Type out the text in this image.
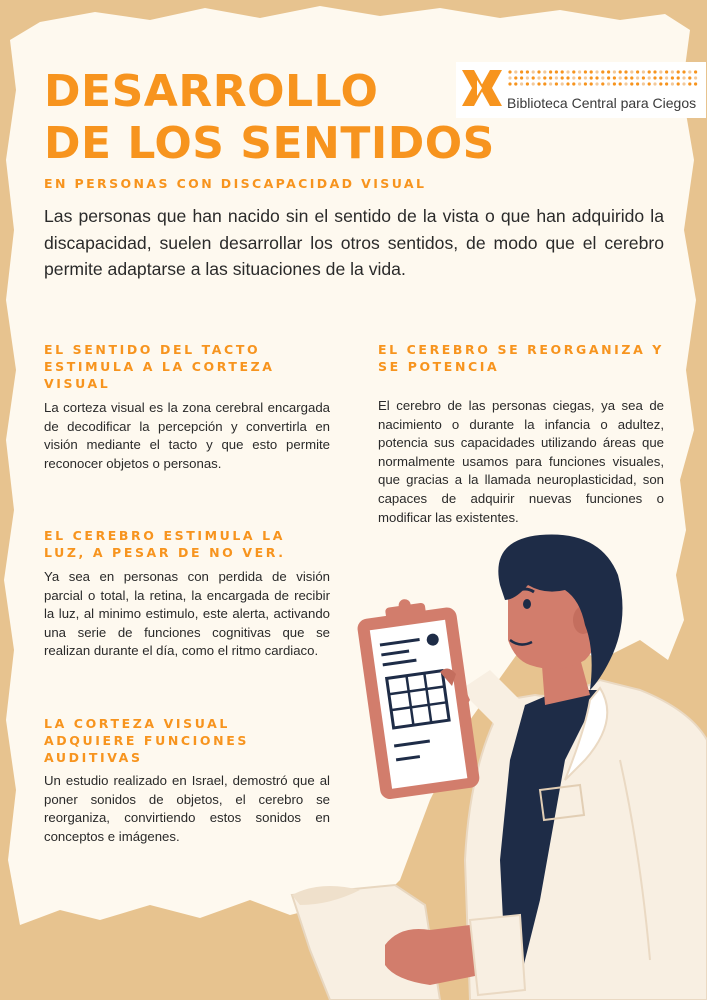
DESARROLLO
DE LOS SENTIDOS

EN PERSONAS CON DISCAPACIDAD VISUAL

Biblioteca Central para Ciegos

Las personas que han nacido sin el sentido de la vista o que han adquirido la discapacidad, suelen desarrollar los otros sentidos, de modo que el cerebro permite adaptarse a las situaciones de la vida.

EL SENTIDO DEL TACTO ESTIMULA A LA CORTEZA VISUAL

La corteza visual es la zona cerebral encargada de decodificar la percepción y convertirla en visión mediante el tacto y que esto permite reconocer objetos o personas.

EL CEREBRO ESTIMULA LA LUZ, A PESAR DE NO VER.

Ya sea en personas con perdida de visión parcial o total, la retina, la encargada de recibir la luz, al minimo estimulo, este alerta, activando una serie de funciones cognitivas que se realizan durante el día, como el ritmo cardiaco.

LA CORTEZA VISUAL ADQUIERE FUNCIONES AUDITIVAS

Un estudio realizado en Israel, demostró que al poner sonidos de objetos, el cerebro se reorganiza, convirtiendo estos sonidos en conceptos e imágenes.

EL CEREBRO SE REORGANIZA Y SE POTENCIA

El cerebro de las personas ciegas, ya sea de nacimiento o durante la infancia o adultez, potencia sus capacidades utilizando áreas que normalmente usamos para funciones visuales, que gracias a la llamada neuroplasticidad, son capaces de adquirir nuevas funciones o modificar las existentes.
